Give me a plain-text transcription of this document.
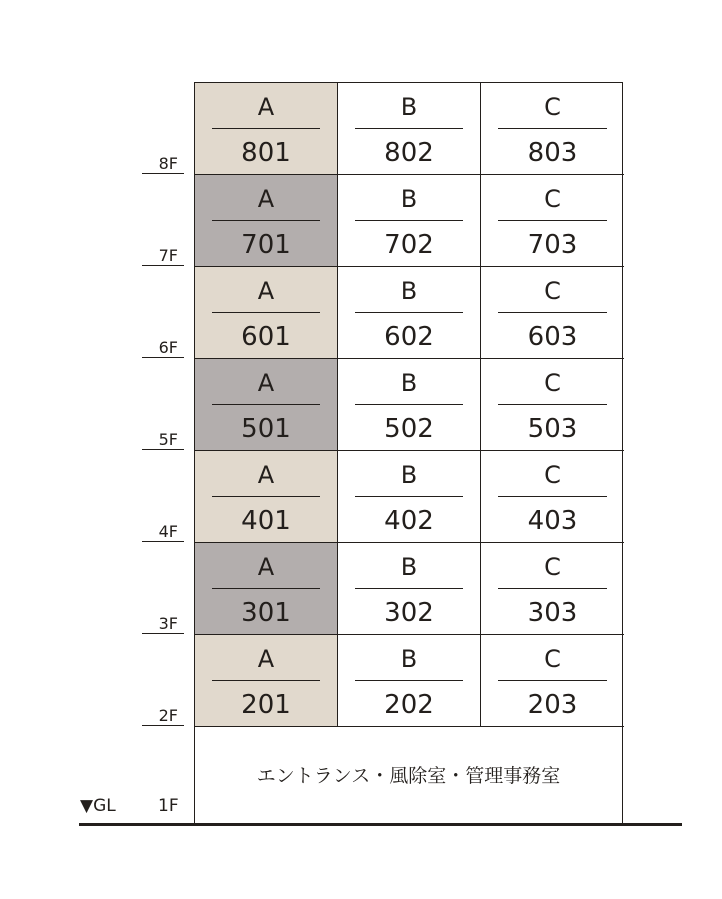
8F
7F
6F
5F
4F
3F
2F
エントランス・風除室・管理事務室
A
801
B
802
C
803
A
701
B
702
C
703
A
601
B
602
C
603
A
501
B
502
C
503
A
401
B
402
C
403
A
301
B
302
C
303
A
201
B
202
C
203
▼GL 1F
